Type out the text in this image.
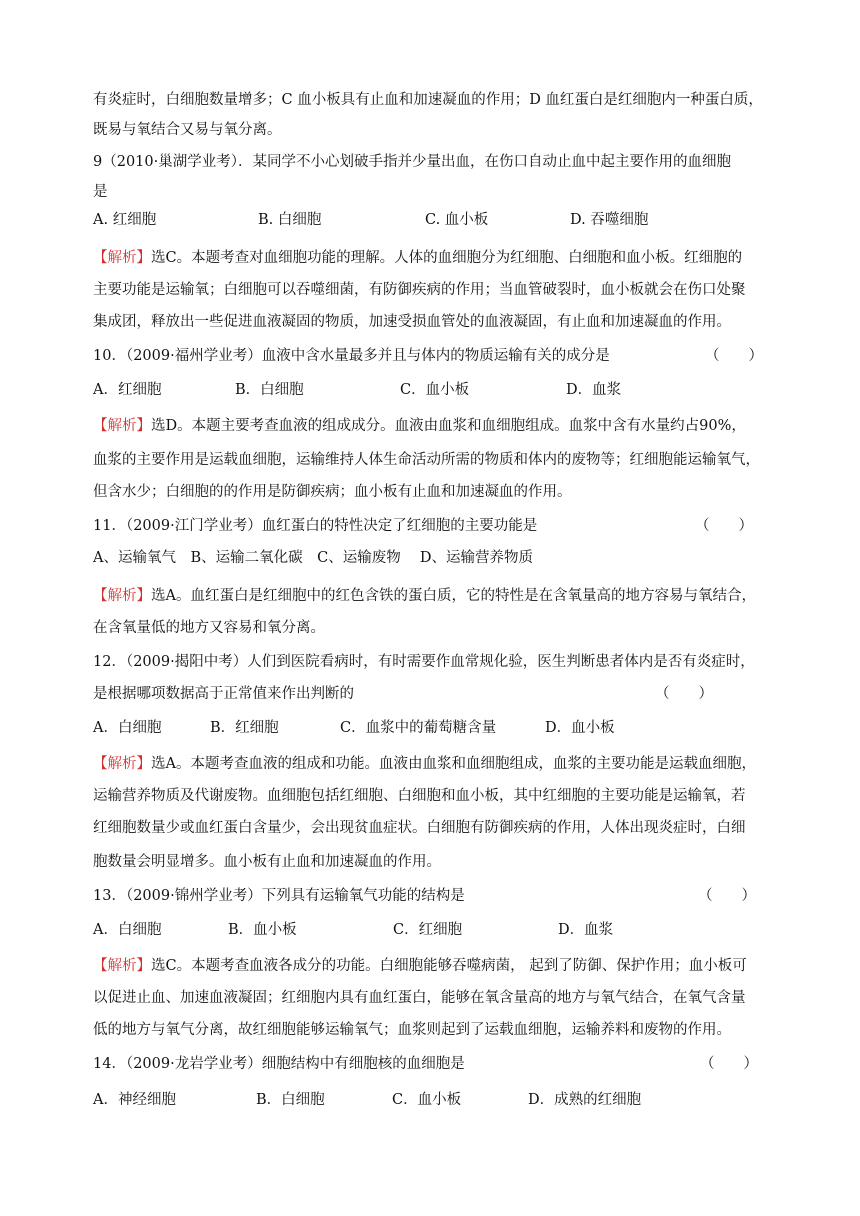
有炎症时，白细胞数量增多；C 血小板具有止血和加速凝血的作用；D 血红蛋白是红细胞内一种蛋白质，
既易与氧结合又易与氧分离。
9（2010·巢湖学业考）．某同学不小心划破手指并少量出血，在伤口自动止血中起主要作用的血细胞
是
A. 红细胞	B. 白细胞	C. 血小板	D. 吞噬细胞
【解析】选C。本题考查对血细胞功能的理解。人体的血细胞分为红细胞、白细胞和血小板。红细胞的
主要功能是运输氧；白细胞可以吞噬细菌，有防御疾病的作用；当血管破裂时，血小板就会在伤口处聚
集成团，释放出一些促进血液凝固的物质，加速受损血管处的血液凝固，有止血和加速凝血的作用。
10．（2009·福州学业考）血液中含水量最多并且与体内的物质运输有关的成分是	（　　）
A．红细胞	B．白细胞	C．血小板	D．血浆
【解析】选D。本题主要考查血液的组成成分。血液由血浆和血细胞组成。血浆中含有水量约占90%，
血浆的主要作用是运载血细胞，运输维持人体生命活动所需的物质和体内的废物等；红细胞能运输氧气，
但含水少；白细胞的的作用是防御疾病；血小板有止血和加速凝血的作用。
11．（2009·江门学业考）血红蛋白的特性决定了红细胞的主要功能是	（　　）
A、运输氧气　B、运输二氧化碳　C、运输废物　 D、运输营养物质
【解析】选A。血红蛋白是红细胞中的红色含铁的蛋白质，它的特性是在含氧量高的地方容易与氧结合，
在含氧量低的地方又容易和氧分离。
12．（2009·揭阳中考）人们到医院看病时，有时需要作血常规化验，医生判断患者体内是否有炎症时，
是根据哪项数据高于正常值来作出判断的	（　　）
A．白细胞	B．红细胞	C．血浆中的葡萄糖含量	D．血小板
【解析】选A。本题考查血液的组成和功能。血液由血浆和血细胞组成，血浆的主要功能是运载血细胞，
运输营养物质及代谢废物。血细胞包括红细胞、白细胞和血小板，其中红细胞的主要功能是运输氧，若
红细胞数量少或血红蛋白含量少，会出现贫血症状。白细胞有防御疾病的作用，人体出现炎症时，白细
胞数量会明显增多。血小板有止血和加速凝血的作用。
13．（2009·锦州学业考）下列具有运输氧气功能的结构是	（　　）
A．白细胞	B．血小板	C．红细胞	D．血浆
【解析】选C。本题考查血液各成分的功能。白细胞能够吞噬病菌， 起到了防御、保护作用；血小板可
以促进止血、加速血液凝固；红细胞内具有血红蛋白，能够在氧含量高的地方与氧气结合，在氧气含量
低的地方与氧气分离，故红细胞能够运输氧气；血浆则起到了运载血细胞，运输养料和废物的作用。
14．（2009·龙岩学业考）细胞结构中有细胞核的血细胞是	（　　）
A．神经细胞	B．白细胞	C．血小板	D．成熟的红细胞
